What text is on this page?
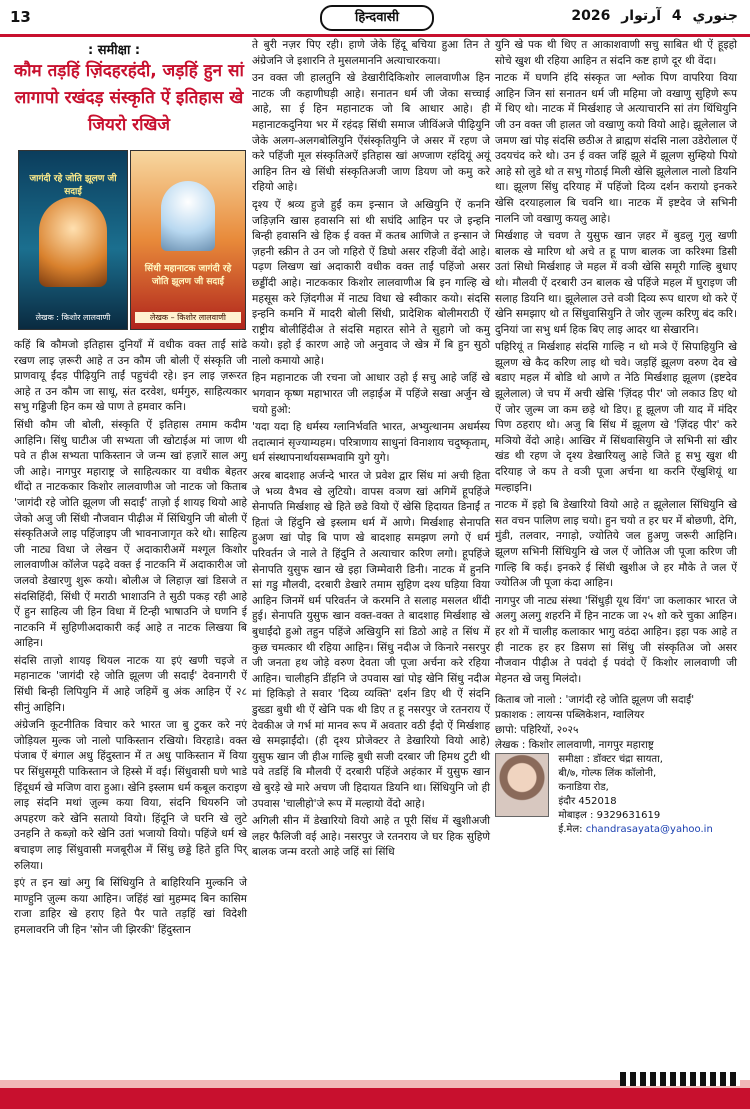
13	हिन्दवासी	2026	جنوري 4 آرتوار
: समीक्षा :
कौम तड़हिं ज़िंदहरहंदी, जड़हिं हुन सां लागापो रखंदड़ संस्कृति ऐं इतिहास खे जियरो रखिजे
जागंदी रहे जोति झूलण जी सदाईं
लेखक : किशोर लालवाणी
सिंधी महानाटक जागंदी रहे जोति झूलण जी सदाईं
लेखक – किशोर लालवाणी

कहिं बि कौमजो इतिहास दुनियाँ में वधीक वक्त ताईं सांढे रखण लाइ ज़रूरी आहे त उन कौम जी बोली ऐं संस्कृति जी प्राणवायू ईंदड़ पीढ़ियुनि ताईं पहुचंदी रहे। इन लाइ ज़रूरत आहे त उन कौम जा साधू, संत दरवेश, धर्मगुरु, साहित्यकार सभु गड्डिजी हिन कम खे पाण ते हमवार कनि।

सिंधी कौम जी बोली, संस्कृति ऐं इतिहास तमाम कदीम आहिनि। सिंधु घाटीअ जी सभ्यता जी खोटाईअ मां जाण थी पवे त हीअ सभ्यता पाकिस्तान जे जन्म खां हज़ारें साल अगु जी आहे। नागपुर महाराष्ट्र जे साहित्यकार या वधीक बेहतर थींदो त नाटककार किशोर लालवाणीअ जो नाटक जो किताब 'जागंदी रहे जोति झूलण जी सदाईं' ताज़ो ई शायइ थियो आहे जेको अजु जी सिंधी नौजवान पीढ़ीअ में सिंधियुनि जी बोली ऐं संस्कृतिअजे लाइ पहिंजाइप जी भावनाजागृत करे थो। साहित्य जी नाट्य विधा जे लेखन ऐं अदाकारीअमें मश्गूल किशोर लालवाणीअ कॉलेज पढ़दे वक्त ई नाटकनि में अदाकारीअ जो जलवो डेखारणु शुरू कयो। बोलीअ जे लिहाज़ खां डिसजे त संदसिहिंदी, सिंधी ऐं मराठी भाशाउनि ते सुठी पकड़ रही आहे ऐं हुन साहित्य जी हिन विधा में टिन्ही भाषाउनि जे घणनि ई नाटकनि में सुहिणीअदाकारी कई आहे त नाटक लिखया बि आहिन।

संदसि ताज़ो शायइ थियल नाटक या इएं खणी चइजे त महानाटक 'जागंदी रहे जोति झूलण जी सदाईं' देवनागरी ऐं सिंधी बिन्ही लिपियुनि में आहे जहिमें बु अंक आहिन ऐं २८ सीनुं आहिनि।

अंग्रेजनि कूटनीतिक विचार करे भारत जा बु टुकर करे नएं जोड़ियल मुल्क जो नालो पाकिस्तान रखियो। विरहाडे। वक्त पंजाब ऐं बंगाल अधु हिंदुस्तान में त अधु पाकिस्तान में विया पर सिंधुसमूरी पाकिस्तान जे हिस्से में वई। सिंधुवासी घणे भाडे हिंदूधर्म खे मजिण वारा हुआ। खेनि इस्लाम धर्म कबूल कराइण लाइ संदनि मथां ज़ुल्म कया विया, संदनि धियरुनि जो अपहरण करे खेनि सतायो वियो। हिंदूनि जे घरनि खे लुटे उनहनि ते कब्ज़ो करे खेनि उतां भजायो वियो। पहिंजे धर्म खे बचाइण लाइ सिंधुवासी मजबूरीअ में सिंधु छड्डे हिते हुति पिर् रुलिया।

इएं त इन खां अगु बि सिंधियुनि ते बाहिरियनि मुल्कनि जे माण्हुनि ज़ुल्म कया आहिन। जहिंहं खां मुहम्मद बिन कासिम राजा डाहिर खे हराए हिते पैर पाते तड़हिं खां विदेशी हमलावरनि जी हिन 'सोन जी झिरकी' हिंदुस्तान

ते बुरी नज़र पिए रही। हाणे जेके हिंदू बचिया हुआ तिन ते अंग्रेजनि जे इशारनि ते मुसलमाननि अत्याचारकया।

उन वक्त जी हालतुनि खे डेखारीदिकिशोर लालवाणीअ हिन नाटक जी कहाणीघड़ी आहे। सनातन धर्म जी जेका सच्चाई आहे, सा ई हिन महानाटक जो बि आधार आहे। ही महानाटकदुनिया भर में रहंदड़ सिंधी समाज जीविंअजे पीढ़ियुनि जेके अलग-अलगबोलियुनि ऐंसंस्कृतियुनि जे असर में रहण जे करे पहिंजी मूल संस्कृतिअऐं इतिहास खां अण्जाण रहंदियूं अयूं आहिन तिन खे सिंधी संस्कृतिअजी जाण डियण जो कमु करे रहियो आहे।

दृश्य ऐं श्रव्य हुजे हुईं कम इन्सान जे अखियुनि ऐं कननि जड़िज़नि खास हवासनि सां थी सघंदि आहिन पर जे इन्हनि बिन्ही हवासनि खे हिक ई वक्त में कतब आणिजे त इन्सान जे ज़हनी स्क्रीन ते उन जो गहिरो ऐं डिघो असर रहिजी वेंदो आहे। पढ़ण लिखण खां अदाकारी वधीक वक्त ताईं पहिंजो असर छड्डींदी आहे। नाटककार किशोर लालवाणीअ बि इन गाल्हि खे महसूस करे ज़िंदगीअ में नाट्य विधा खे स्वीकार कयो। संदसि इन्हनि कमनि में मादरी बोली सिंधी, प्रादेशिक बोलीमराठी ऐं राष्ट्रीय बोलीहिंदीअ ते संदसि महारत सोने ते सुहागे जो कमु कयो। इहो ई कारण आहे जो अनुवाद जे खेत्र में बि हुन सुठो नालो कमायो आहे।

हिन महानाटक जी रचना जो आधार उहो ई सचु आहे जहिं खे भगवान कृष्ण महाभारत जी लड़ाईअ में पहिंजे सखा अर्जुन खे चयो हुओ:

'यदा यदा हि धर्मस्य ग्लानिर्भवति भारत, अभ्युत्थानम अधर्मस्य तदात्मानं सृज्याम्यहम। परित्राणाय साधुनां विनाशाय चदुष्कृताम्, धर्म संस्थापनार्थायसम्भवामि युगे युगे।

अरब बादशाह अर्जन्दे भारत जे प्रवेश द्वार सिंध मां अची हिता जे भव्य वैभव खे लुटियो। वापस वञण खां अगिमें हूपहिंजे सेनापति मिर्खशाह खे हिते छडे वियो ऐं खेसि हिदायत डिनाईं त हितां जे हिंदुनि खे इस्लाम धर्म में आणे। मिर्खशाह सेनापति हुअण खां पोइ बि पाण खे बादशाह समझण लगो ऐं धर्म परिवर्तन जे नाले ते हिंदुनि ते अत्याचार करिण लगो। हूपहिंजे सेनापति युसुफ खान खे इहा जिम्मेवारी डिनी। नाटक में हुननि सां गडु मौलवी, दरबारी डेखारे तमाम सुहिण दश्य घड़िया विया आहिन जिनमें धर्म परिवर्तन जे करमनि ते सलाह मसलत थींदी हुई। सेनापति युसुफ खान वक्त-वक्त ते बादशाह मिर्खशाह खे बुधाईंदो हुओ तहुन पहिंजे अखियुनि सां डिठो आहे त सिंध में कुछ चमत्कार थी रहिया आहिन। सिंधु नदीअ जे किनारे नसरपुर जी जनता हथ जोड़े वरुण देवता जी पूजा अर्चना करे रहिया आहिन। चालीहनि डींहनि जे उपवास खां पोइ खेनि सिंधु नदीअ मां हिकिड़ो ते सवार 'दिव्य व्यक्ति' दर्शन डिए थी ऐं संदनि डुख्डा बुधी थी ऐं खेनि पक थी डिए त हू नसरपुर जे रतनराय ऐं देवकीअ जे गर्भ मां मानव रूप में अवतार वठी ईंदो ऐं मिर्खशाह खे समझाईंदो। (ही दृश्य प्रोजेक्टर ते डेखारियो वियो आहे) युसुफ खान जी हीअ गाल्हि बुधी सजी दरबार जी हिमथ टुटी थी पवे तडहिं बि मौलवी ऐं दरबारी पहिंजे अहंकार में युसुफ खान खे बुरड़े खे मारे अचण जी हिदायत डियनि था। सिंधियुनि जो ही उपवास 'चालीहो'जे रूप में मल्हायो वेंदो आहे।

अगिली सीन में डेखारियो वियो आहे त पूरी सिंध में खुशीअजी लहर फैलिजी वई आहे। नसरपुर जे रतनराय जे घर हिक सुहिणे बालक जन्म वरतो आहे जहिं सां सिंधि

युनि खे पक थी थिए त आकाशवाणी सचु साबित थी ऐं हूइहो सोचे खुश थी रहिया आहिन त संदनि कष्ट हाणे दूर थी वेंदा।

नाटक में घणनि हंदि संस्कृत जा श्लोक पिण वापरिया विया आहिन जिन सां सनातन धर्म जी महिमा जो वखाणु सुहिणे रूप में थिए थो। नाटक में मिर्खशाह जे अत्याचारनि सां तंग थिंधियुनि जी उन वक्त जी हालत जो वखाणु कयो वियो आहे। झूलेलाल जे जमण खां पोइ संदसि छठीअ ते ब्राह्मण संदसि नाला उडेरोलाल ऐं उदयचंद करे थो। उन ई वक्त जहिं झूले में झूलण सुम्हियो पियो आहे सो लुडे थो त सभु गोठाई मिली खेसि झूलेलाल नालो डियनि था। झूलण सिंधु दरियाह में पहिंजो दिव्य दर्शन करायो इनकरे खेसि दरयाहलाल बि चवनि था। नाटक में इष्टदेव जे सभिनी नालनि जो वखाणु कयलु आहे।

मिर्खशाह जे चवण ते युसुफ खान ज़हर में बुडलु गुलु खणी बालक खे मारिण थो अचे त हू पाण बालक जा करिश्मा डिसी उतां सिधो मिर्खशाह जे महल में वञी खेसि समूरी गाल्हि बुधाए थो। मौलवी ऐं दरबारी उन बालक खे पहिंजे महल में घुराइण जी सलाह डियनि था। झूलेलाल उत्ते वञी दिव्य रूप धारण थो करे ऐं खेनि समझाए थो त सिंधुवासियुनि ते जोर ज़ुल्म करिणु बंद करि। दुनियां जा सभु धर्म हिक बिए लाइ आदर था सेखारनि।

पहिरियूं त मिर्खशाह संदसि गाल्हि न थो मञे ऐं सिपाहियुनि खे झूलण खे कैद करिण लाइ थो चवे। जड़हिं झूलण वरुण देव खे बडाए महल में बोडि थो आणे त नेठि मिर्खशाह झूलण (इष्टदेव झूलेलाल) जे चप में अची खेसि 'ज़िंदह पीर' जो लकाउ डिए थो ऐं जोर ज़ुल्म जा कम छड़े थो डिए। हू झूलण जी याद में मंदिर पिण ठहराए थो। अजु बि सिंध में झूलण खे 'ज़िंदह पीर' करे मञियो वेंदो आहे। आखिर में सिंधवासियुनि जे सभिनी सां खीर खंड थी रहण जे दृश्य डेखारियलु आहे जिते हू सभु खुश थी दरियाह जे कप ते वञी पूजा अर्चना था करनि ऐंखुशियूं था मल्हाइनि।

नाटक में इहो बि डेखारियो वियो आहे त झूलेलाल सिंधियुनि खे सत वचन पालिण लाइ चयो। हुन चयो त हर घर में बोछणी, देगि, मुंडी, तलवार, नगाड़ो, ज्योतिये जल हुअणु जरूरी आहिनि। झूलण सभिनी सिंधियुनि खे जल ऐं जोतिअ जी पूजा करिण जी गाल्हि बि कई। इनकरे ई सिंधी खुशीअ जे हर मौके ते जल ऐं ज्योतिअ जी पूजा कंदा आहिन।

नागपुर जी नाट्य संस्था 'सिंधुड़ी यूथ विंग' जा कलाकार भारत जे अलगु अलगु शहरनि में हिन नाटक जा २५ शो करे चुका आहिन। हर शो में चालीह कलाकार भागु वठंदा आहिन। इहा पक आहे त ही नाटक हर हर डिसण सां सिंधु जी संस्कृतिअ जो असर नौजवान पीढ़ीअ ते पवंदो ई पवंदो ऐं किशोर लालवाणी जी मेहनत खे जसु मिलंदो।

किताब जो नालो : 'जागंदी रहे जोति झूलण जी सदाईं'
प्रकाशक : लायन्स पब्लिकेशन, ग्वालियर
छापो: पहिरियों, २०२५
लेखक : किशोर लालवाणी, नागपुर महाराष्ट्र

समीक्षा : डॉक्टर चंद्रा सायता,
बी/७, गोल्फ लिंक कॉलोनी,
कनाडिया रोड,
इंदौर 452018
मोबाइल : 9329631619
ई.मेल: chandrasayata@yahoo.in
